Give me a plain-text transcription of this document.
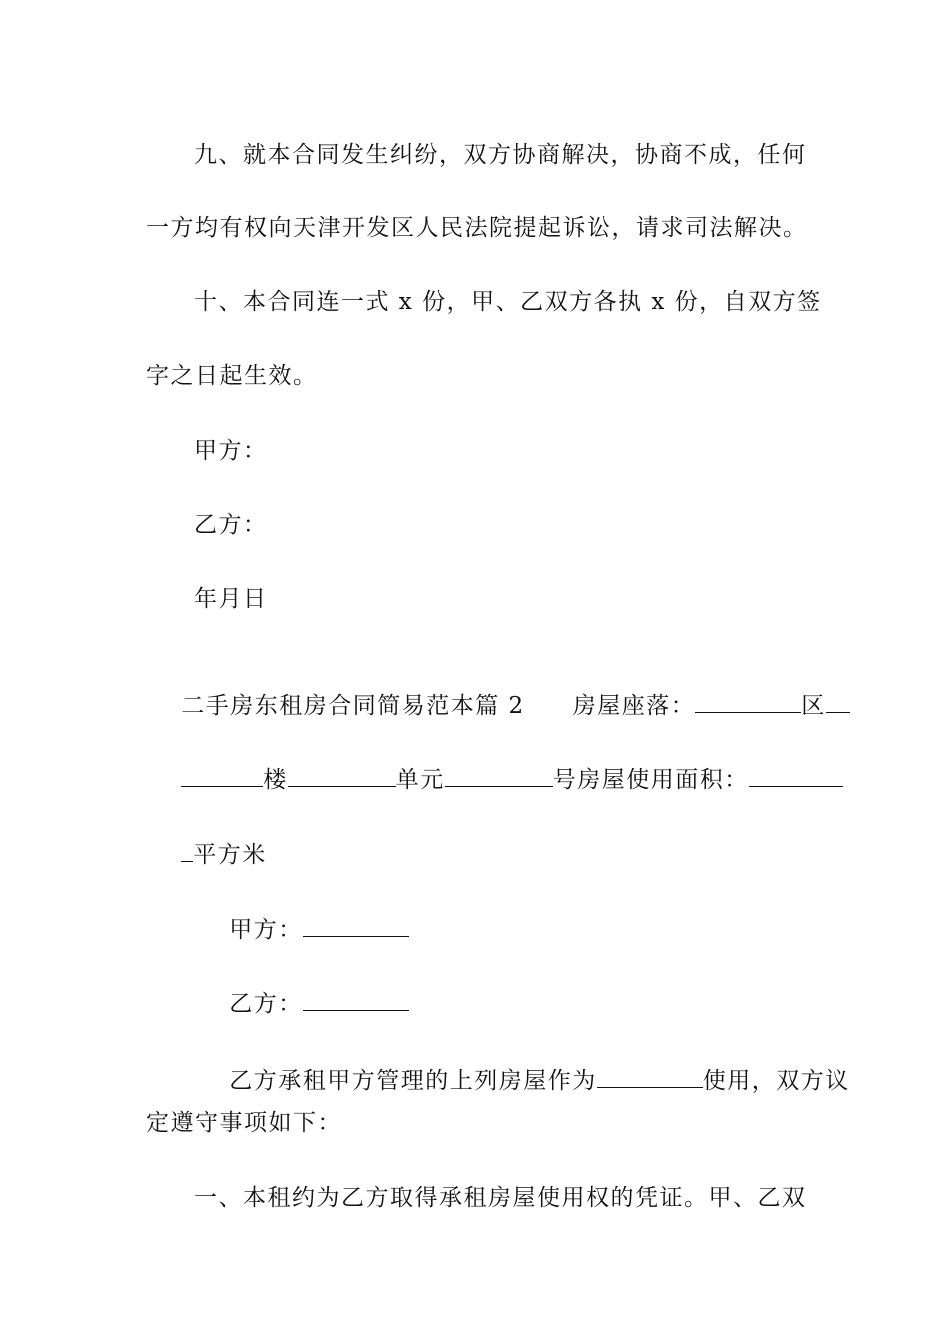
九、就本合同发生纠纷，双方协商解决，协商不成，任何
一方均有权向天津开发区人民法院提起诉讼，请求司法解决。
十、本合同连一式 x 份，甲、乙双方各执 x 份，自双方签
字之日起生效。
甲方：
乙方：
年月日

二手房东租房合同简易范本篇 2 房屋座落：	区

楼	单元	号房屋使用面积：

平方米

甲方：

乙方：

乙方承租甲方管理的上列房屋作为	使用，双方议

定遵守事项如下：
一、本租约为乙方取得承租房屋使用权的凭证。甲、乙双
